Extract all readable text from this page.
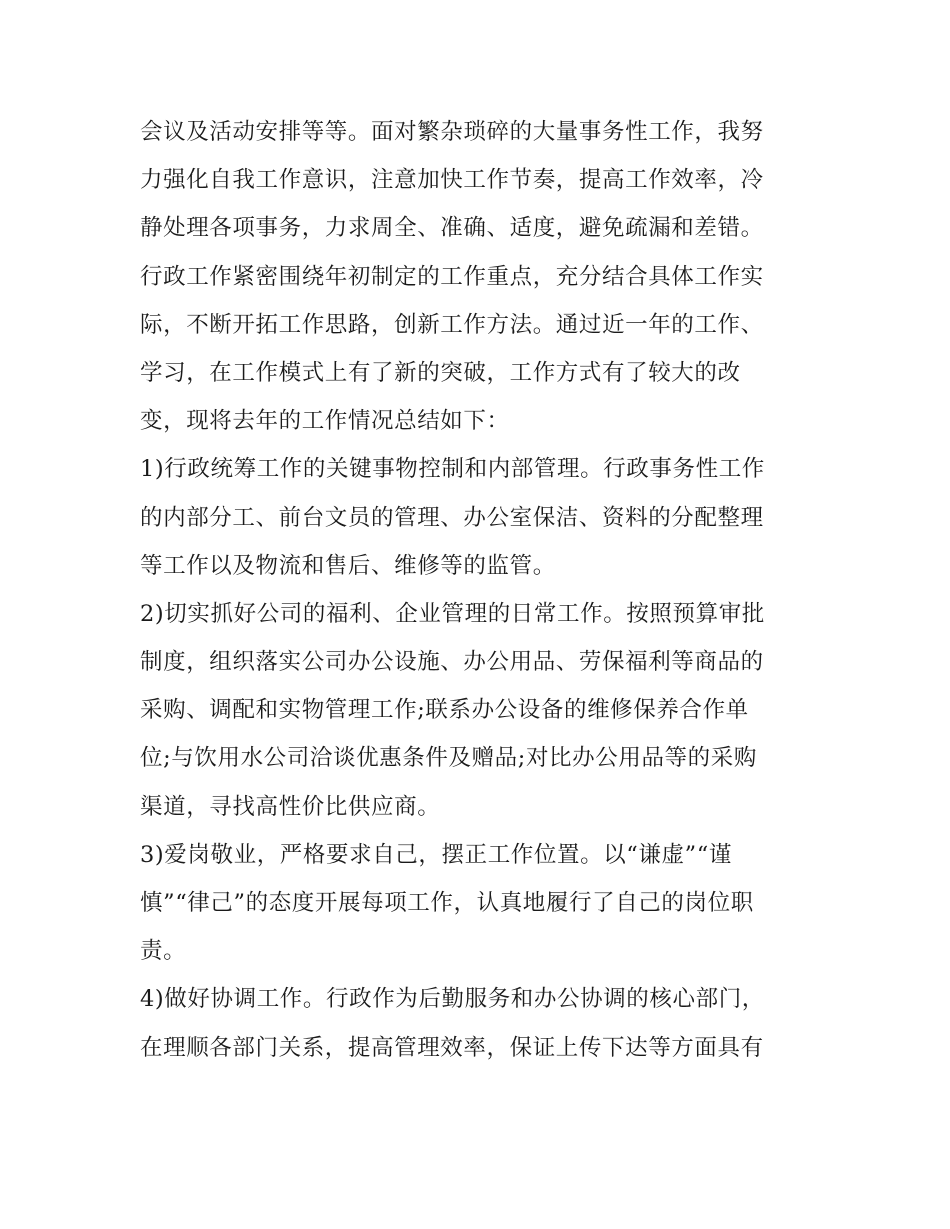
会议及活动安排等等。面对繁杂琐碎的大量事务性工作，我努
力强化自我工作意识，注意加快工作节奏，提高工作效率，冷
静处理各项事务，力求周全、准确、适度，避免疏漏和差错。
行政工作紧密围绕年初制定的工作重点，充分结合具体工作实
际，不断开拓工作思路，创新工作方法。通过近一年的工作、
学习，在工作模式上有了新的突破，工作方式有了较大的改
变，现将去年的工作情况总结如下：
1)行政统筹工作的关键事物控制和内部管理。行政事务性工作
的内部分工、前台文员的管理、办公室保洁、资料的分配整理
等工作以及物流和售后、维修等的监管。
2)切实抓好公司的福利、企业管理的日常工作。按照预算审批
制度，组织落实公司办公设施、办公用品、劳保福利等商品的
采购、调配和实物管理工作;联系办公设备的维修保养合作单
位;与饮用水公司洽谈优惠条件及赠品;对比办公用品等的采购
渠道，寻找高性价比供应商。
3)爱岗敬业，严格要求自己，摆正工作位置。以“谦虚”“谨
慎”“律己”的态度开展每项工作，认真地履行了自己的岗位职
责。
4)做好协调工作。行政作为后勤服务和办公协调的核心部门，
在理顺各部门关系，提高管理效率，保证上传下达等方面具有
